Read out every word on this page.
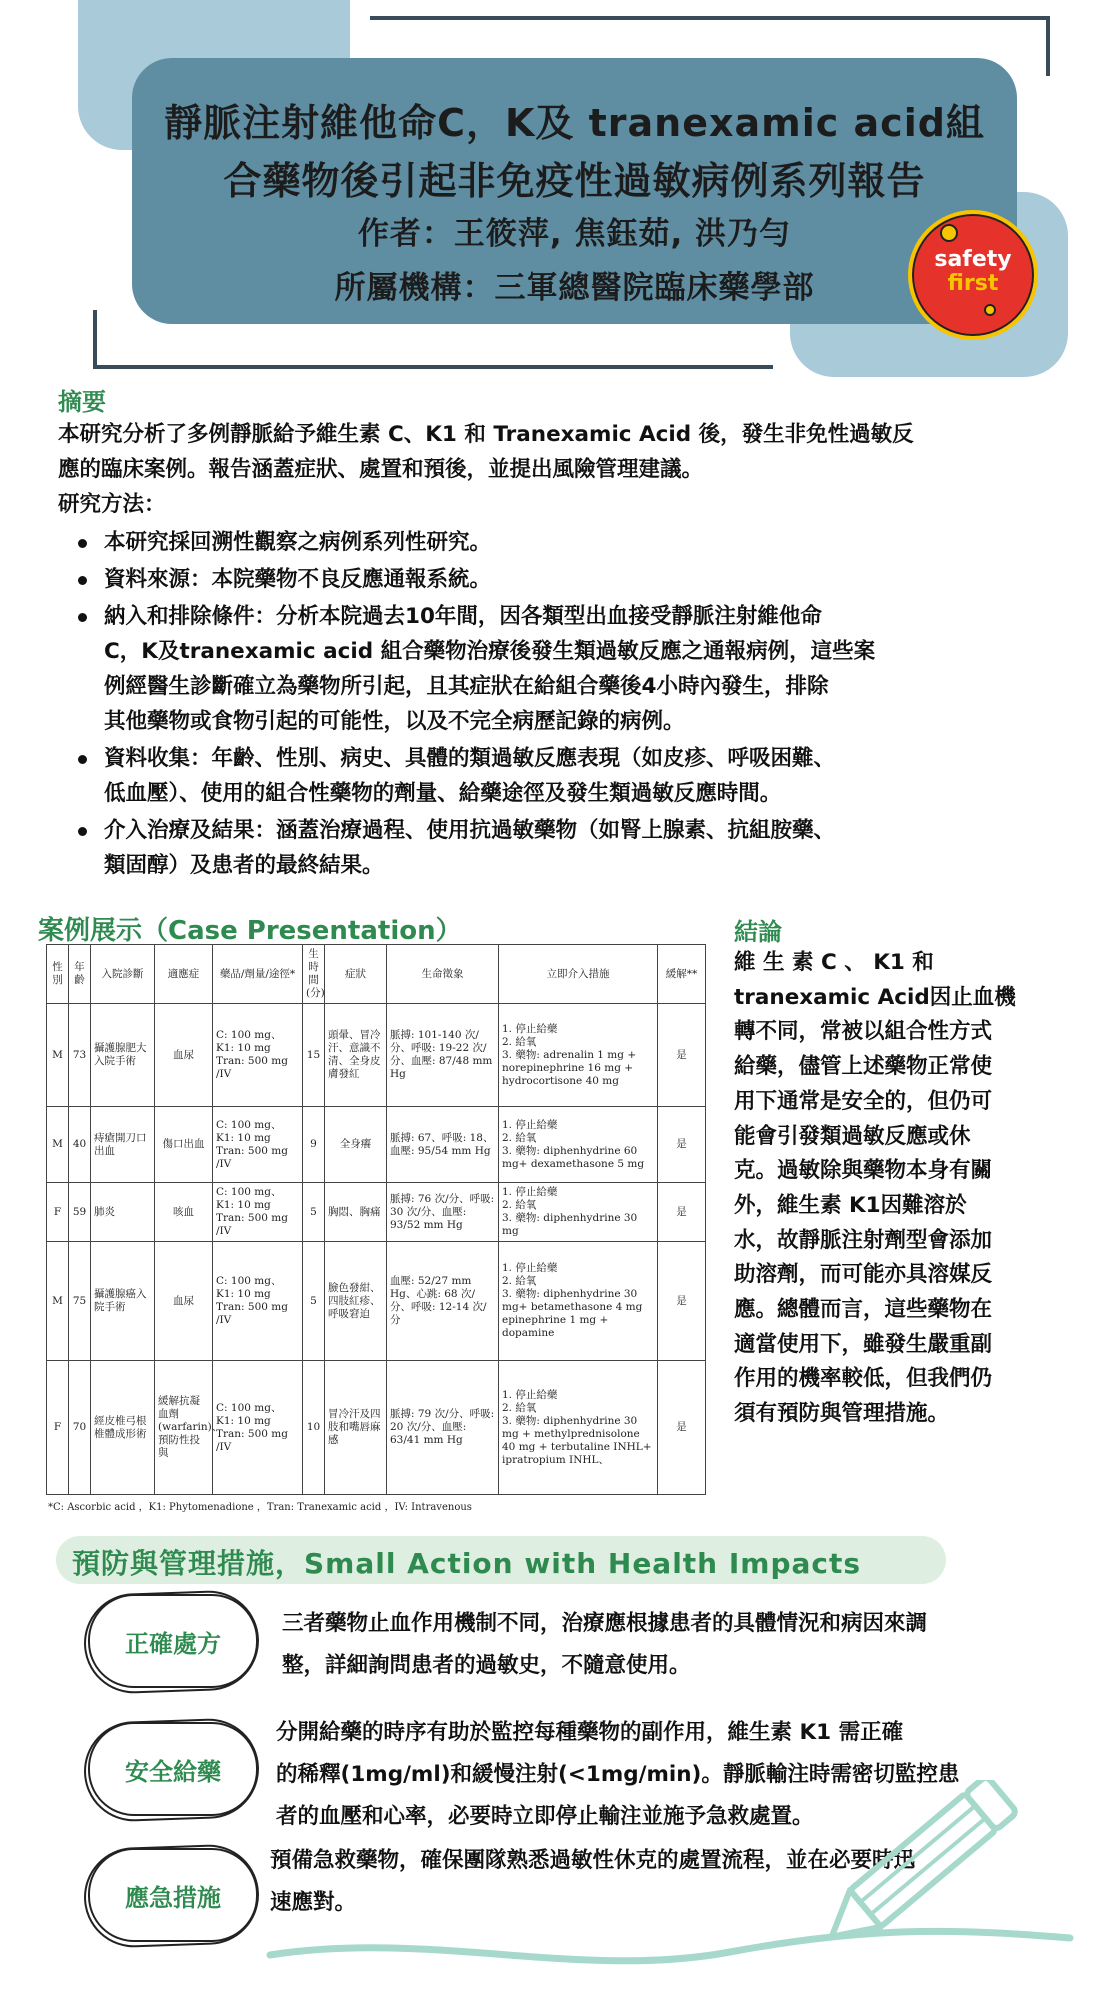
靜脈注射維他命C，K及 tranexamic acid組
合藥物後引起非免疫性過敏病例系列報告
作者：王筱萍, 焦鈺茹, 洪乃勻
所屬機構：三軍總醫院臨床藥學部
safety
first
摘要
本研究分析了多例靜脈給予維生素 C、K1 和 Tranexamic Acid 後，發生非免性過敏反
應的臨床案例。報告涵蓋症狀、處置和預後，並提出風險管理建議。
研究方法：
本研究採回溯性觀察之病例系列性研究。
資料來源：本院藥物不良反應通報系統。
納入和排除條件：分析本院過去10年間，因各類型出血接受靜脈注射維他命
C，K及tranexamic acid 組合藥物治療後發生類過敏反應之通報病例，這些案
例經醫生診斷確立為藥物所引起，且其症狀在給組合藥後4小時內發生，排除
其他藥物或食物引起的可能性，以及不完全病歷記錄的病例。
資料收集：年齡、性別、病史、具體的類過敏反應表現（如皮疹、呼吸困難、
低血壓）、使用的組合性藥物的劑量、給藥途徑及發生類過敏反應時間。
介入治療及結果：涵蓋治療過程、使用抗過敏藥物（如腎上腺素、抗組胺藥、
類固醇）及患者的最終結果。
案例展示（Case Presentation）
性別	年齡	入院診斷	適應症	藥品/劑量/途徑*	生時間(分)	症狀	生命徵象	立即介入措施	緩解**
M	73	攝護腺肥大入院手術	血尿	C: 100 mg、K1: 10 mg Tran: 500 mg /IV	15	頭暈、冒冷汗、意識不清、全身皮膚發紅	脈搏: 101-140 次/分、呼吸: 19-22 次/分、血壓: 87/48 mm Hg	1. 停止給藥
2. 給氧
3. 藥物: adrenalin 1 mg + norepinephrine 16 mg + hydrocortisone 40 mg	是
M	40	痔瘡開刀口出血	傷口出血	C: 100 mg、K1: 10 mg Tran: 500 mg /IV	9	全身癢	脈搏: 67、呼吸: 18、血壓: 95/54 mm Hg	1. 停止給藥
2. 給氧
3. 藥物: diphenhydrine 60 mg+ dexamethasone 5 mg	是
F	59	肺炎	咳血	C: 100 mg、K1: 10 mg Tran: 500 mg /IV	5	胸悶、胸痛	脈搏: 76 次/分、呼吸: 30 次/分、血壓: 93/52 mm Hg	1. 停止給藥
2. 給氧
3. 藥物: diphenhydrine 30 mg	是
M	75	攝護腺癌入院手術	血尿	C: 100 mg、K1: 10 mg Tran: 500 mg /IV	5	臉色發紺、四肢紅疹、呼吸窘迫	血壓: 52/27 mm Hg、心跳: 68 次/分、呼吸: 12-14 次/分	1. 停止給藥
2. 給氧
3. 藥物: diphenhydrine 30 mg+ betamethasone 4 mg epinephrine 1 mg + dopamine	是
F	70	經皮椎弓根椎體成形術	緩解抗凝血劑(warfarin)、預防性投與	C: 100 mg、K1: 10 mg Tran: 500 mg /IV	10	冒冷汗及四肢和嘴唇麻感	脈搏: 79 次/分、呼吸: 20 次/分、血壓: 63/41 mm Hg	1. 停止給藥
2. 給氧
3. 藥物: diphenhydrine 30 mg + methylprednisolone 40 mg + terbutaline INHL+ ipratropium INHL、	是
*C: Ascorbic acid ，K1: Phytomenadione ，Tran: Tranexamic acid ，IV: Intravenous
結論
維 生 素 C 、 K1 和
tranexamic Acid因止血機
轉不同，常被以組合性方式
給藥，儘管上述藥物正常使
用下通常是安全的，但仍可
能會引發類過敏反應或休
克。過敏除與藥物本身有關
外，維生素 K1因難溶於
水，故靜脈注射劑型會添加
助溶劑，而可能亦具溶媒反
應。總體而言，這些藥物在
適當使用下，雖發生嚴重副
作用的機率較低，但我們仍
須有預防與管理措施。
預防與管理措施，Small Action with Health Impacts
正確處方
三者藥物止血作用機制不同，治療應根據患者的具體情況和病因來調
整，詳細詢問患者的過敏史，不隨意使用。
安全給藥
分開給藥的時序有助於監控每種藥物的副作用，維生素 K1 需正確
的稀釋(1mg/ml)和緩慢注射(<1mg/min)。靜脈輸注時需密切監控患
者的血壓和心率，必要時立即停止輸注並施予急救處置。
應急措施
預備急救藥物，確保團隊熟悉過敏性休克的處置流程，並在必要時迅
速應對。
